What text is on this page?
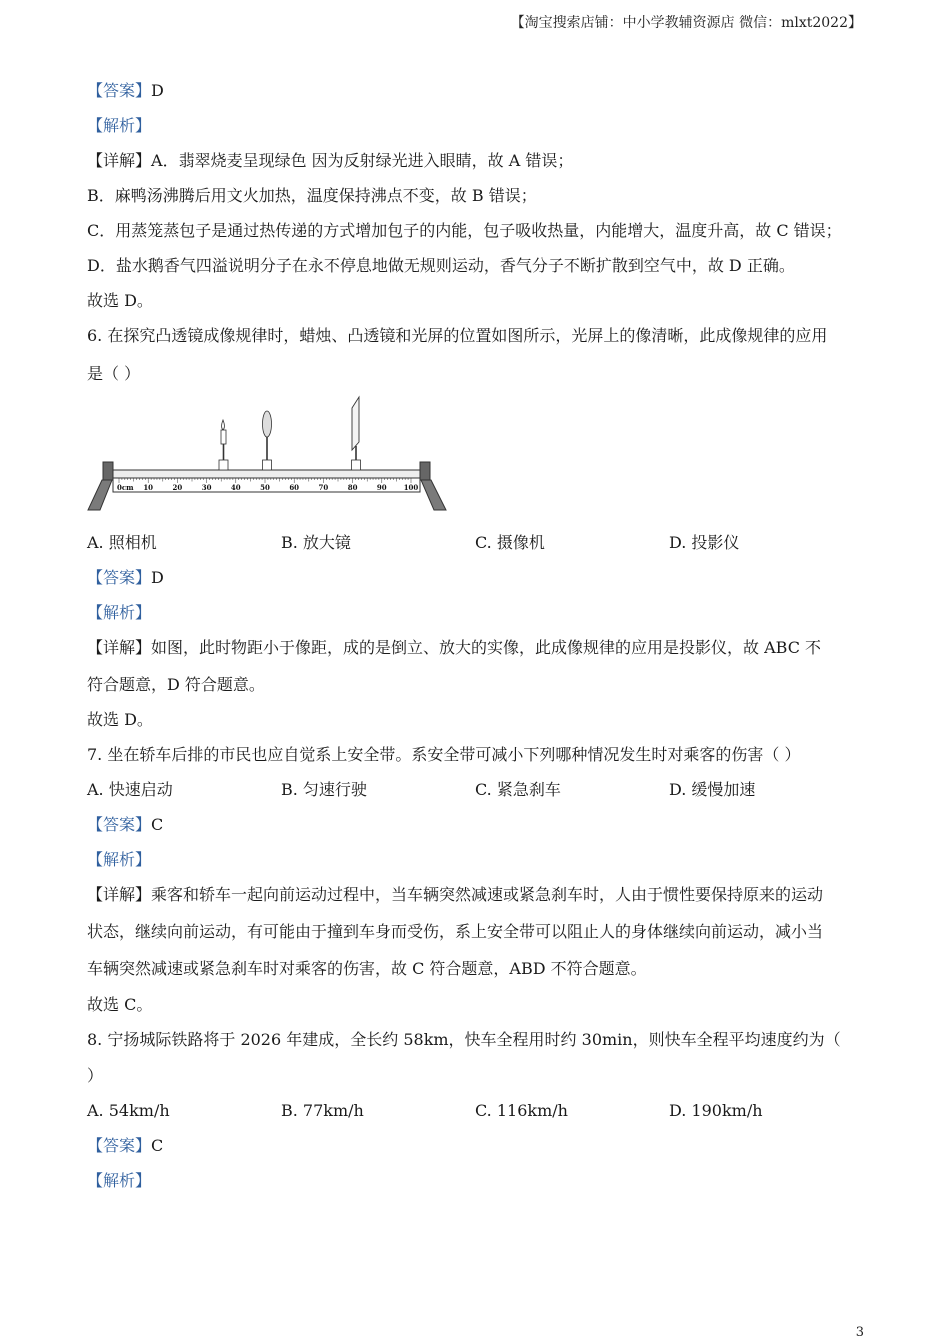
【淘宝搜索店铺：中小学教辅资源店 微信：mlxt2022】
【答案】D
【解析】
【详解】A．翡翠烧麦呈现绿色 因为反射绿光进入眼睛，故 A 错误；
B．麻鸭汤沸腾后用文火加热，温度保持沸点不变，故 B 错误；
C．用蒸笼蒸包子是通过热传递的方式增加包子的内能，包子吸收热量，内能增大，温度升高，故 C 错误；
D．盐水鹅香气四溢说明分子在永不停息地做无规则运动，香气分子不断扩散到空气中，故 D 正确。
故选 D。
6. 在探究凸透镜成像规律时，蜡烛、凸透镜和光屏的位置如图所示，光屏上的像清晰，此成像规律的应用
是（ ）
0cm 10	20	30	40	50	60	70	80	90 100
A. 照相机	B. 放大镜	C. 摄像机	D. 投影仪
【答案】D
【解析】
【详解】如图，此时物距小于像距，成的是倒立、放大的实像，此成像规律的应用是投影仪，故 ABC 不
符合题意，D 符合题意。
故选 D。
7. 坐在轿车后排的市民也应自觉系上安全带。系安全带可减小下列哪种情况发生时对乘客的伤害（ ）
A. 快速启动	B. 匀速行驶	C. 紧急刹车	D. 缓慢加速
【答案】C
【解析】
【详解】乘客和轿车一起向前运动过程中，当车辆突然减速或紧急刹车时，人由于惯性要保持原来的运动
状态，继续向前运动，有可能由于撞到车身而受伤，系上安全带可以阻止人的身体继续向前运动，减小当
车辆突然减速或紧急刹车时对乘客的伤害，故 C 符合题意，ABD 不符合题意。
故选 C。
8. 宁扬城际铁路将于 2026 年建成，全长约 58km，快车全程用时约 30min，则快车全程平均速度约为（
）
A. 54km/h	B. 77km/h	C. 116km/h	D. 190km/h
【答案】C
【解析】
3
